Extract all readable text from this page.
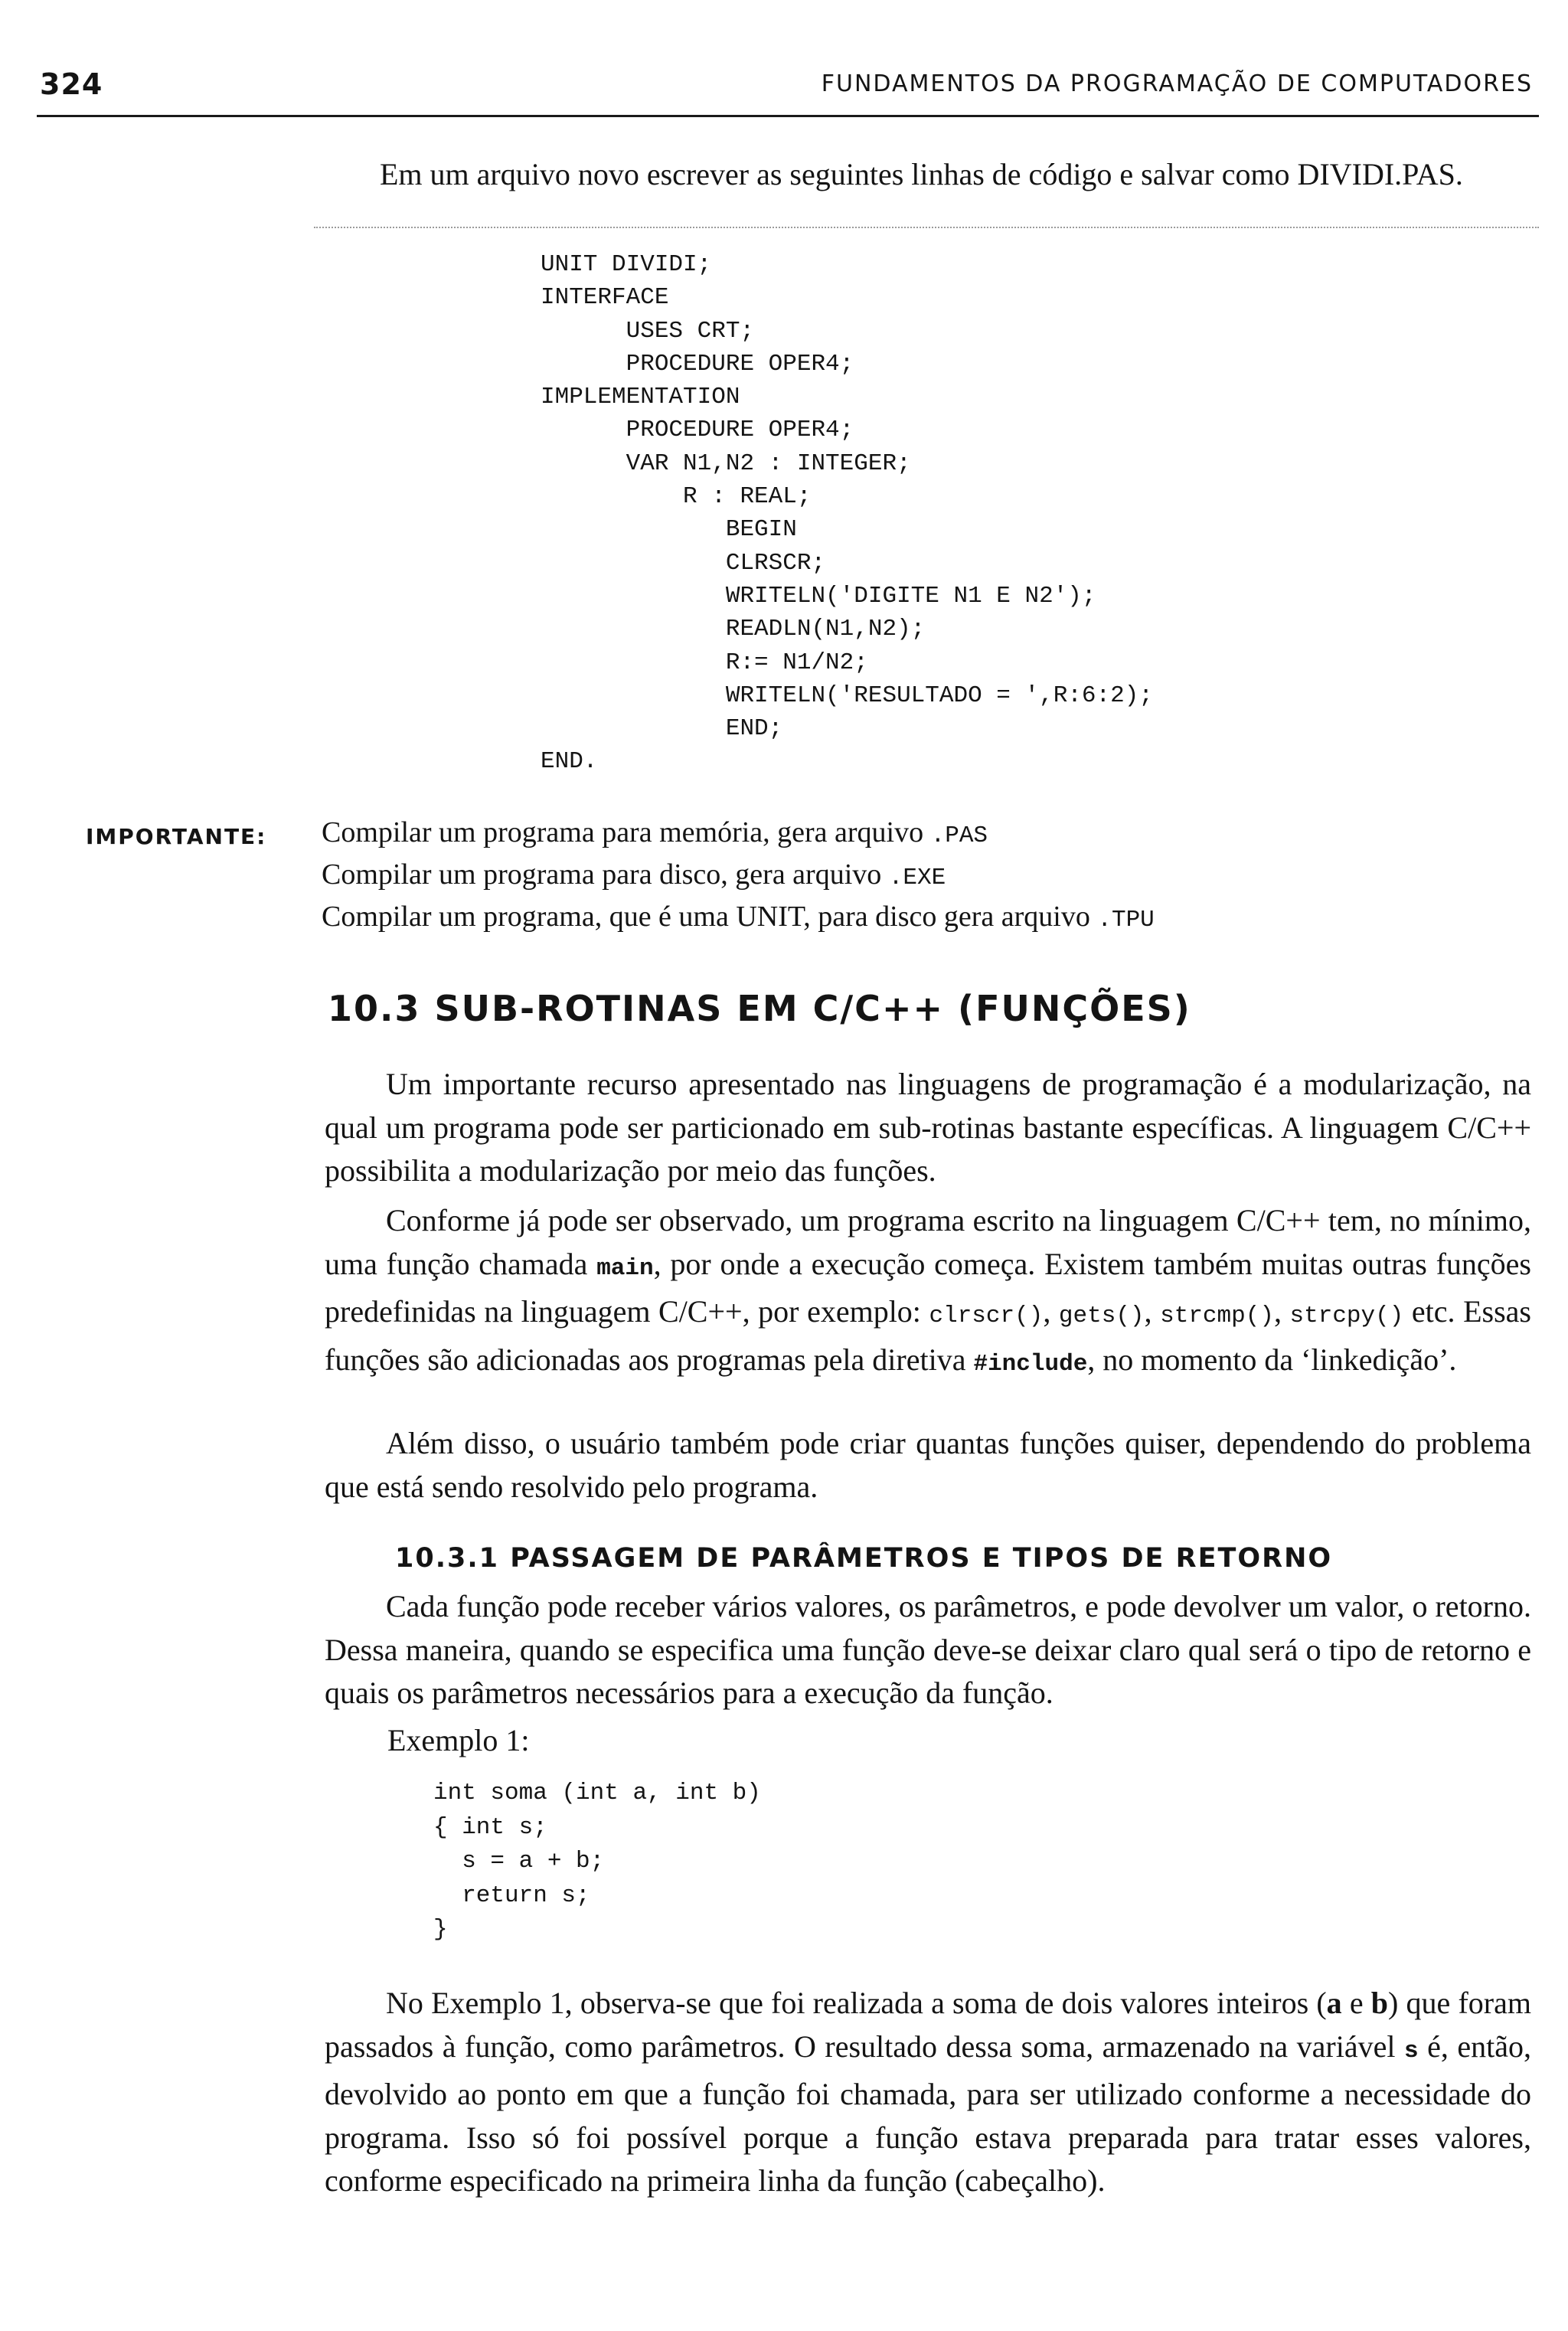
324	FUNDAMENTOS DA PROGRAMAÇÃO DE COMPUTADORES

Em um arquivo novo escrever as seguintes linhas de código e salvar como DIVIDI.PAS.

UNIT DIVIDI;
INTERFACE
USES CRT;
PROCEDURE OPER4;
IMPLEMENTATION
PROCEDURE OPER4;
VAR N1,N2 : INTEGER;
R : REAL;
BEGIN
CLRSCR;
WRITELN('DIGITE N1 E N2');
READLN(N1,N2);
R:= N1/N2;
WRITELN('RESULTADO = ',R:6:2);
END;
END.
IMPORTANTE: Compilar um programa para memória, gera arquivo .PAS
Compilar um programa para disco, gera arquivo .EXE
Compilar um programa, que é uma UNIT, para disco gera arquivo .TPU
10.3 SUB-ROTINAS EM C/C++ (FUNÇÕES)

Um importante recurso apresentado nas linguagens de programação é a modularização, na qual um programa pode ser particionado em sub-rotinas bastante específicas. A linguagem C/C++ possibilita a modularização por meio das funções.

Conforme já pode ser observado, um programa escrito na linguagem C/C++ tem, no mínimo, uma função chamada main, por onde a execução começa. Existem também muitas outras funções predefinidas na linguagem C/C++, por exemplo: clrscr(), gets(), strcmp(), strcpy() etc. Essas funções são adicionadas aos programas pela diretiva #include, no momento da ‘linkedição’.

Além disso, o usuário também pode criar quantas funções quiser, dependendo do problema que está sendo resolvido pelo programa.

10.3.1 PASSAGEM DE PARÂMETROS E TIPOS DE RETORNO

Cada função pode receber vários valores, os parâmetros, e pode devolver um valor, o retorno. Dessa maneira, quando se especifica uma função deve-se deixar claro qual será o tipo de retorno e quais os parâmetros necessários para a execução da função.

Exemplo 1:
int soma (int a, int b)
{ int s;
s = a + b;
return s;
}

No Exemplo 1, observa-se que foi realizada a soma de dois valores inteiros (a e b) que foram passados à função, como parâmetros. O resultado dessa soma, armazenado na variável s é, então, devolvido ao ponto em que a função foi chamada, para ser utilizado conforme a necessidade do programa. Isso só foi possível porque a função estava preparada para tratar esses valores, conforme especificado na primeira linha da função (cabeçalho).
